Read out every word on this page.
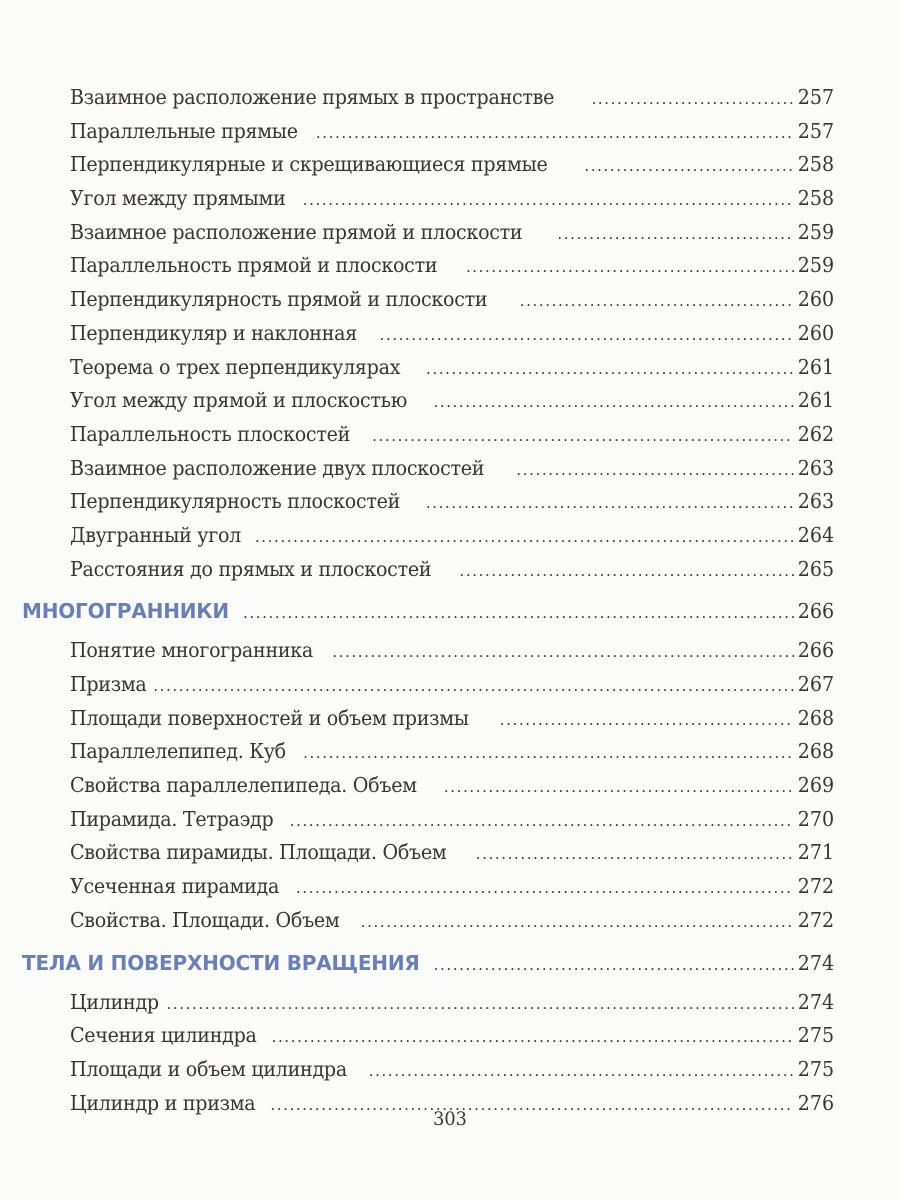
Взаимное расположение прямых в пространстве .....	257
Параллельные прямые .....	257
Перпендикулярные и скрещивающиеся прямые .....	258
Угол между прямыми .....	258
Взаимное расположение прямой и плоскости .....	259
Параллельность прямой и плоскости .....	259
Перпендикулярность прямой и плоскости .....	260
Перпендикуляр и наклонная .....	260
Теорема о трех перпендикулярах .....	261
Угол между прямой и плоскостью .....	261
Параллельность плоскостей .....	262
Взаимное расположение двух плоскостей .....	263
Перпендикулярность плоскостей .....	263
Двугранный угол .....	264
Расстояния до прямых и плоскостей .....	265
МНОГОГРАННИКИ .....	266
Понятие многогранника .....	266
Призма .....	267
Площади поверхностей и объем призмы .....	268
Параллелепипед. Куб .....	268
Свойства параллелепипеда. Объем .....	269
Пирамида. Тетраэдр .....	270
Свойства пирамиды. Площади. Объем .....	271
Усеченная пирамида .....	272
Свойства. Площади. Объем .....	272
ТЕЛА И ПОВЕРХНОСТИ ВРАЩЕНИЯ .....	274
Цилиндр .....	274
Сечения цилиндра .....	275
Площади и объем цилиндра .....	275
Цилиндр и призма .....	276
303
